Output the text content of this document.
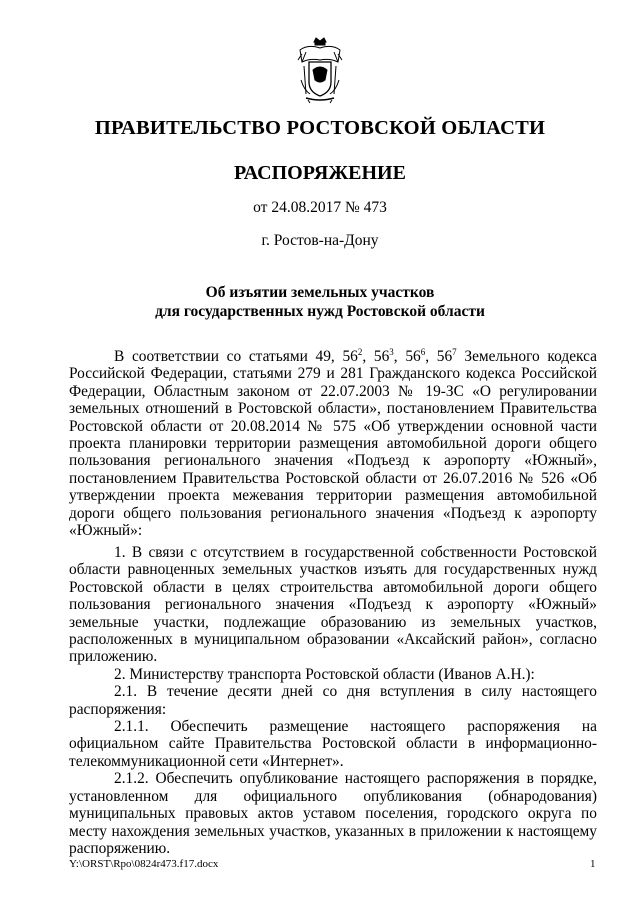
ПРАВИТЕЛЬСТВО РОСТОВСКОЙ ОБЛАСТИ
РАСПОРЯЖЕНИЕ
от 24.08.2017 № 473
г. Ростов-на-Дону
Об изъятии земельных участков
для государственных нужд Ростовской области

В соответствии со статьями 49, $56^2$, $56^3$, $56^6$, $56^7$ Земельного кодекса Российской Федерации, статьями 279 и 281 Гражданского кодекса Российской Федерации, Областным законом от 22.07.2003 № 19-ЗС «О регулировании земельных отношений в Ростовской области», постановлением Правительства Ростовской области от 20.08.2014 № 575 «Об утверждении основной части проекта планировки территории размещения автомобильной дороги общего пользования регионального значения «Подъезд к аэропорту «Южный», постановлением Правительства Ростовской области от 26.07.2016 № 526 «Об утверждении проекта межевания территории размещения автомобильной дороги общего пользования регионального значения «Подъезд к аэропорту «Южный»:

1. В связи с отсутствием в государственной собственности Ростовской области равноценных земельных участков изъять для государственных нужд Ростовской области в целях строительства автомобильной дороги общего пользования регионального значения «Подъезд к аэропорту «Южный» земельные участки, подлежащие образованию из земельных участков, расположенных в муниципальном образовании «Аксайский район», согласно приложению.

2. Министерству транспорта Ростовской области (Иванов А.Н.):

2.1. В течение десяти дней со дня вступления в силу настоящего распоряжения:

2.1.1. Обеспечить размещение настоящего распоряжения на официальном сайте Правительства Ростовской области в информационно-телекоммуникационной сети «Интернет».

2.1.2. Обеспечить опубликование настоящего распоряжения в порядке, установленном для официального опубликования (обнародования) муниципальных правовых актов уставом поселения, городского округа по месту нахождения земельных участков, указанных в приложении к настоящему распоряжению.

Y:\ORST\Rpo\0824r473.f17.docx	1
